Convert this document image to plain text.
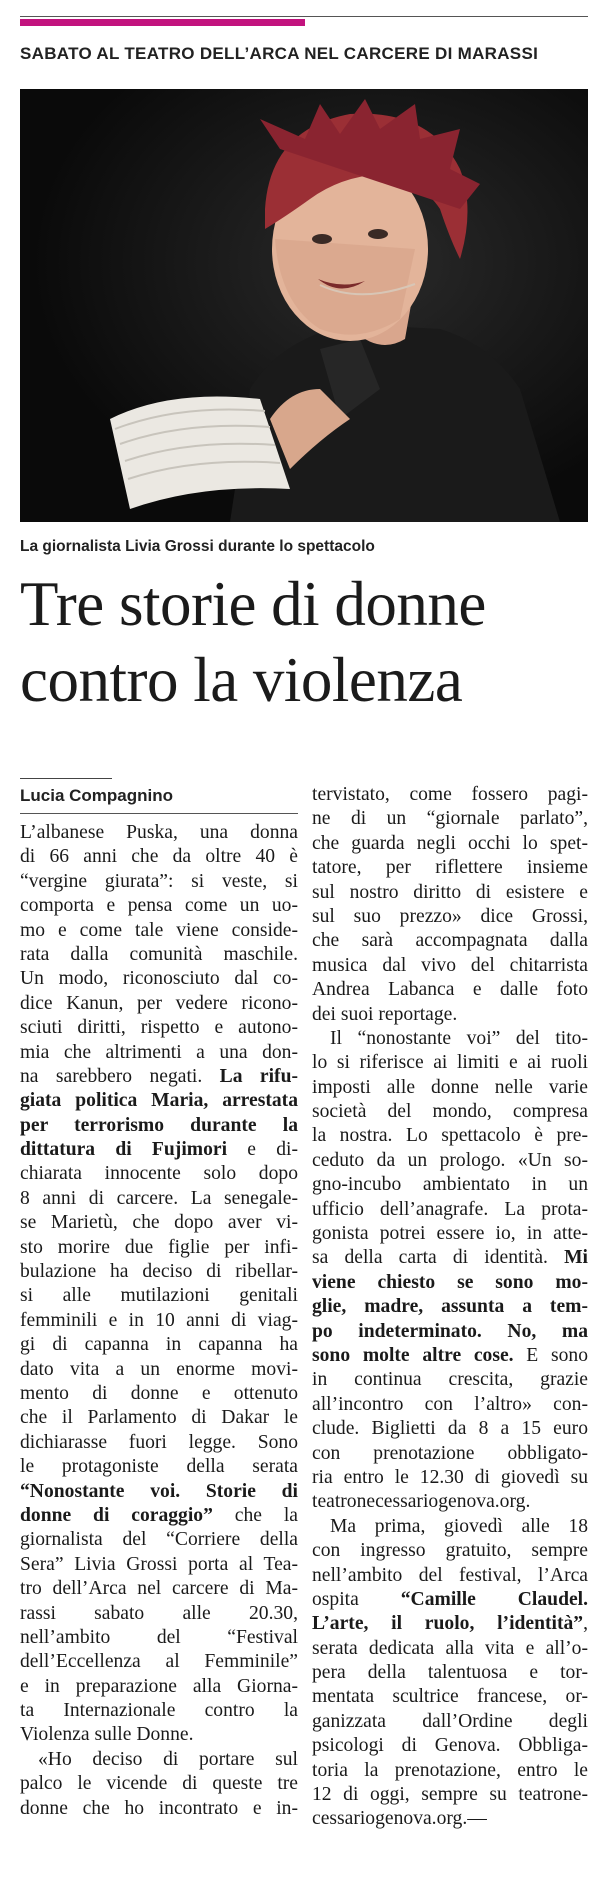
SABATO AL TEATRO DELL’ARCA NEL CARCERE DI MARASSI
La giornalista Livia Grossi durante lo spettacolo
Tre storie di donne
contro la violenza
Lucia Compagnino
L’albanese Puska, una donna
di 66 anni che da oltre 40 è
“vergine giurata”: si veste, si
comporta e pensa come un uo-
mo e come tale viene conside-
rata dalla comunità maschile.
Un modo, riconosciuto dal co-
dice Kanun, per vedere ricono-
sciuti diritti, rispetto e autono-
mia che altrimenti a una don-
na sarebbero negati. La rifu-
giata politica Maria, arrestata
per terrorismo durante la
dittatura di Fujimori e di-
chiarata innocente solo dopo
8 anni di carcere. La senegale-
se Marietù, che dopo aver vi-
sto morire due figlie per infi-
bulazione ha deciso di ribellar-
si alle mutilazioni genitali
femminili e in 10 anni di viag-
gi di capanna in capanna ha
dato vita a un enorme movi-
mento di donne e ottenuto
che il Parlamento di Dakar le
dichiarasse fuori legge. Sono
le protagoniste della serata
“Nonostante voi. Storie di
donne di coraggio” che la
giornalista del “Corriere della
Sera” Livia Grossi porta al Tea-
tro dell’Arca nel carcere di Ma-
rassi sabato alle 20.30,
nell’ambito del “Festival
dell’Eccellenza al Femminile”
e in preparazione alla Giorna-
ta Internazionale contro la
Violenza sulle Donne.
«Ho deciso di portare sul
palco le vicende di queste tre
donne che ho incontrato e in-
tervistato, come fossero pagi-
ne di un “giornale parlato”,
che guarda negli occhi lo spet-
tatore, per riflettere insieme
sul nostro diritto di esistere e
sul suo prezzo» dice Grossi,
che sarà accompagnata dalla
musica dal vivo del chitarrista
Andrea Labanca e dalle foto
dei suoi reportage.
Il “nonostante voi” del tito-
lo si riferisce ai limiti e ai ruoli
imposti alle donne nelle varie
società del mondo, compresa
la nostra. Lo spettacolo è pre-
ceduto da un prologo. «Un so-
gno-incubo ambientato in un
ufficio dell’anagrafe. La prota-
gonista potrei essere io, in atte-
sa della carta di identità. Mi
viene chiesto se sono mo-
glie, madre, assunta a tem-
po indeterminato. No, ma
sono molte altre cose. E sono
in continua crescita, grazie
all’incontro con l’altro» con-
clude. Biglietti da 8 a 15 euro
con prenotazione obbligato-
ria entro le 12.30 di giovedì su
teatronecessariogenova.org.
Ma prima, giovedì alle 18
con ingresso gratuito, sempre
nell’ambito del festival, l’Arca
ospita “Camille Claudel.
L’arte, il ruolo, l’identità”,
serata dedicata alla vita e all’o-
pera della talentuosa e tor-
mentata scultrice francese, or-
ganizzata dall’Ordine degli
psicologi di Genova. Obbliga-
toria la prenotazione, entro le
12 di oggi, sempre su teatrone-
cessariogenova.org.—
